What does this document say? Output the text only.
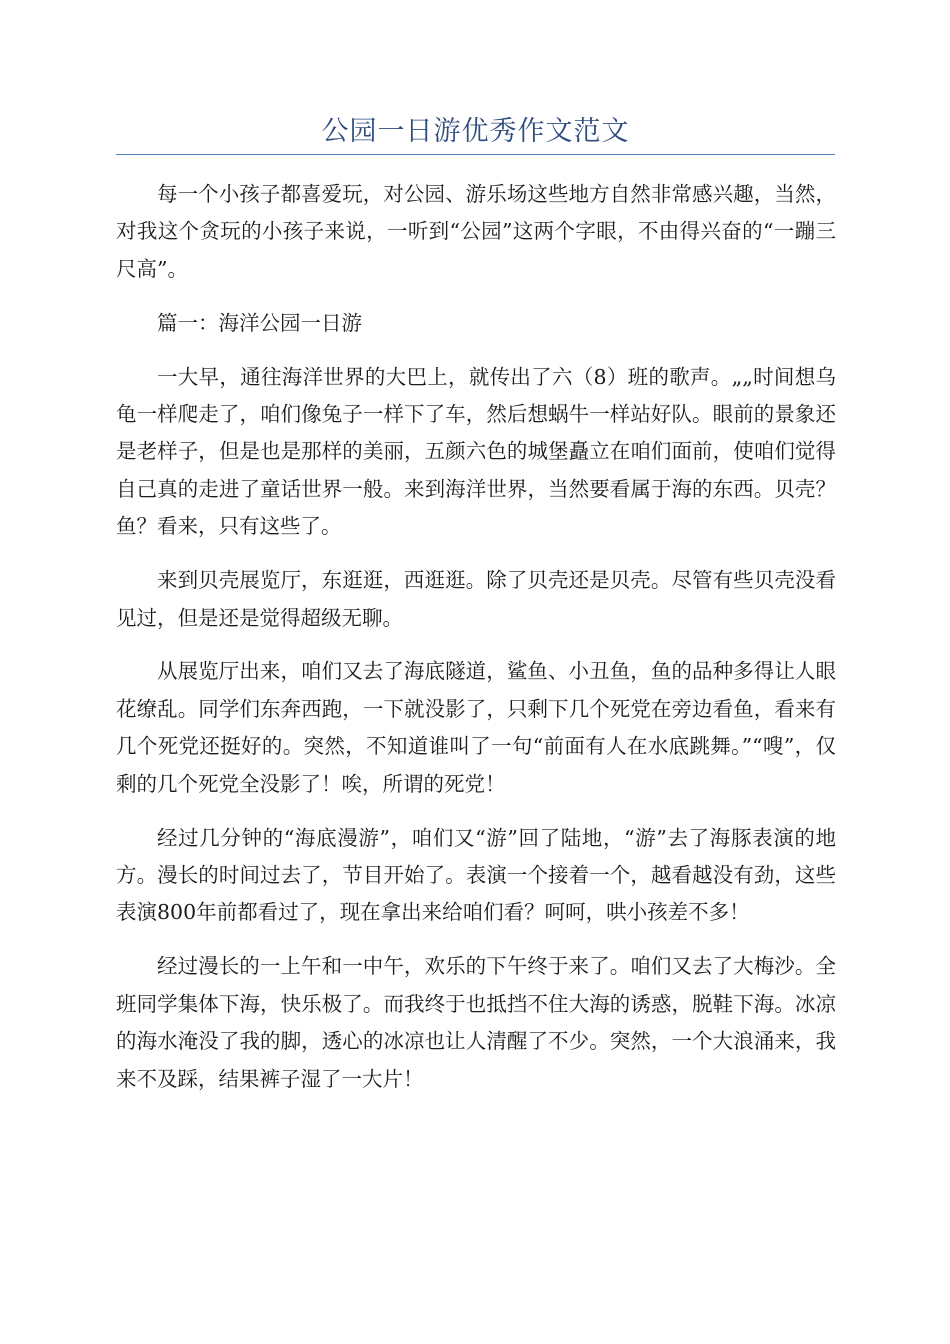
公园一日游优秀作文范文

每一个小孩子都喜爱玩，对公园、游乐场这些地方自然非常感兴趣，当然，对我这个贪玩的小孩子来说，一听到“公园”这两个字眼，不由得兴奋的“一蹦三尺高”。

篇一：海洋公园一日游

一大早，通往海洋世界的大巴上，就传出了六（8）班的歌声。„„时间想乌龟一样爬走了，咱们像兔子一样下了车，然后想蜗牛一样站好队。眼前的景象还是老样子，但是也是那样的美丽，五颜六色的城堡矗立在咱们面前，使咱们觉得自己真的走进了童话世界一般。来到海洋世界，当然要看属于海的东西。贝壳？鱼？看来，只有这些了。

来到贝壳展览厅，东逛逛，西逛逛。除了贝壳还是贝壳。尽管有些贝壳没看见过，但是还是觉得超级无聊。

从展览厅出来，咱们又去了海底隧道，鲨鱼、小丑鱼，鱼的品种多得让人眼花缭乱。同学们东奔西跑，一下就没影了，只剩下几个死党在旁边看鱼，看来有几个死党还挺好的。突然，不知道谁叫了一句“前面有人在水底跳舞。”“嗖”，仅剩的几个死党全没影了！唉，所谓的死党！

经过几分钟的“海底漫游”，咱们又“游”回了陆地，“游”去了海豚表演的地方。漫长的时间过去了，节目开始了。表演一个接着一个，越看越没有劲，这些表演800年前都看过了，现在拿出来给咱们看？呵呵，哄小孩差不多！

经过漫长的一上午和一中午，欢乐的下午终于来了。咱们又去了大梅沙。全班同学集体下海，快乐极了。而我终于也抵挡不住大海的诱惑，脱鞋下海。冰凉的海水淹没了我的脚，透心的冰凉也让人清醒了不少。突然，一个大浪涌来，我来不及踩，结果裤子湿了一大片！
